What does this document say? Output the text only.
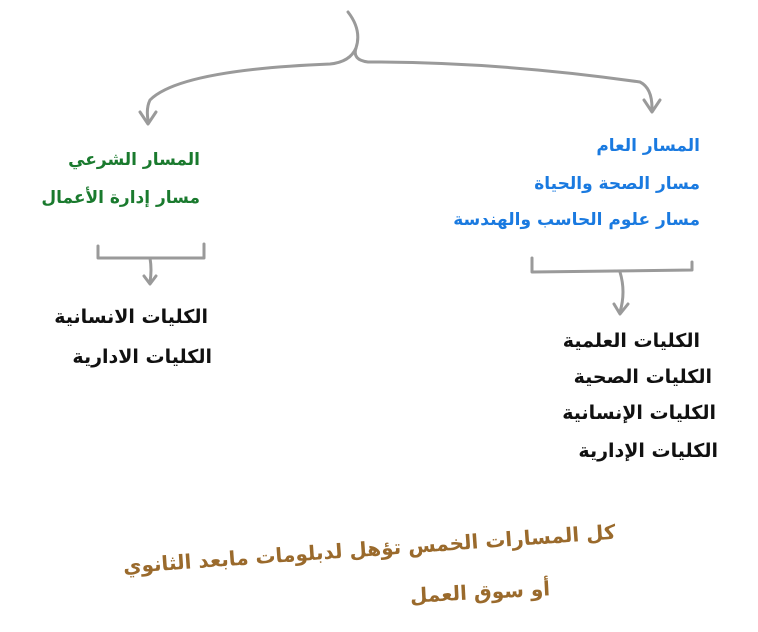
المسار الشرعي
مسار إدارة الأعمال
الكليات الانسانية
الكليات الادارية
المسار العام
مسار الصحة والحياة
مسار علوم الحاسب والهندسة
الكليات العلمية
الكليات الصحية
الكليات الإنسانية
الكليات الإدارية
كل المسارات الخمس تؤهل لدبلومات مابعد الثانوي
أو سوق العمل
